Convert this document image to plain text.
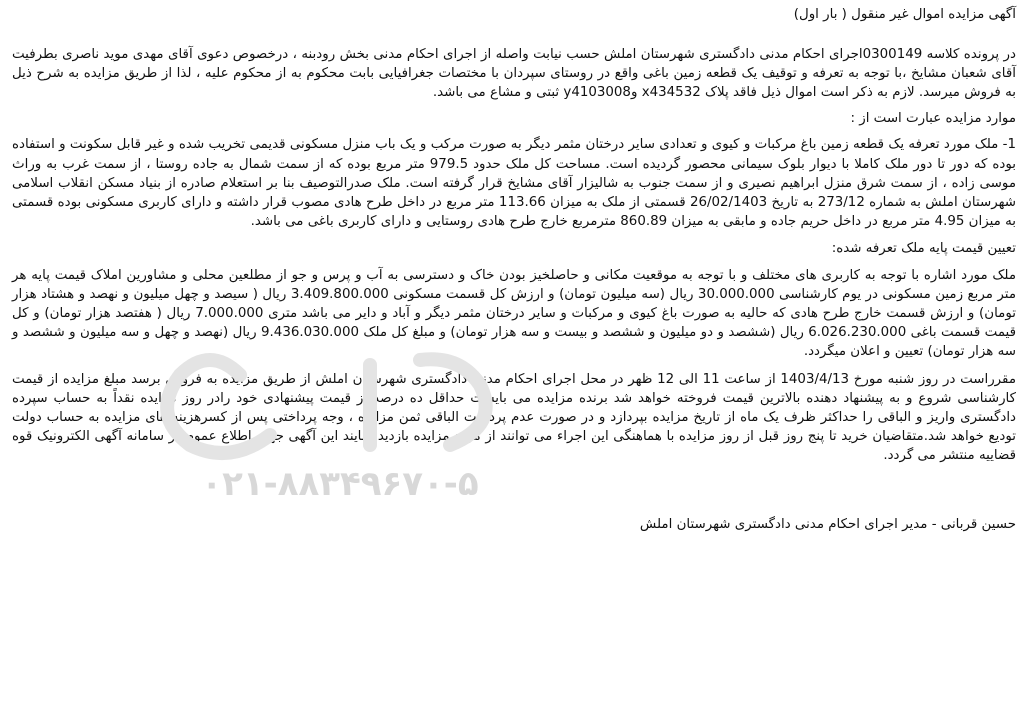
آگهی مزایده اموال غیر منقول ( بار اول)

در پرونده کلاسه 0300149اجرای احکام مدنی دادگستری شهرستان املش حسب نیابت واصله از اجرای احکام مدنی بخش رودبنه ، درخصوص دعوی آقای مهدی موید ناصری بطرفیت آقای شعبان مشایخ ،با توجه به تعرفه و توقیف یک قطعه زمین باغی واقع در روستای سپردان با مختصات جغرافیایی بابت محکوم به از محکوم علیه ، لذا از طریق مزایده به شرح ذیل به فروش میرسد. لازم به ذکر است اموال ذیل فاقد پلاک x434532 وy4103008 ثبتی و مشاع می باشد.

موارد مزایده عبارت است از :

1- ملک مورد تعرفه یک قطعه زمین باغ مرکبات و کیوی و تعدادی سایر درختان مثمر دیگر به صورت مرکب و یک باب منزل مسکونی قدیمی تخریب شده و غیر قابل سکونت و استفاده بوده که دور تا دور ملک کاملا با دیوار بلوک سیمانی محصور گردیده است. مساحت کل ملک حدود 979.5 متر مربع بوده که از سمت شمال به جاده روستا ، از سمت غرب به وراث موسی زاده ، از سمت شرق منزل ابراهیم نصیری و از سمت جنوب به شالیزار آقای مشایخ قرار گرفته است. ملک صدرالتوصیف بنا بر استعلام صادره از بنیاد مسکن انقلاب اسلامی شهرستان املش به شماره 273/12 به تاریخ 26/02/1403 قسمتی از ملک به میزان 113.66 متر مربع در داخل طرح هادی مصوب قرار داشته و دارای کاربری مسکونی بوده قسمتی به میزان 4.95 متر مربع در داخل حریم جاده و مابقی به میزان 860.89 مترمربع خارج طرح هادی روستایی و دارای کاربری باغی می باشد.

تعیین قیمت پایه ملک تعرفه شده:

ملک مورد اشاره با توجه به کاربری های مختلف و با توجه به موقعیت مکانی و حاصلخیز بودن خاک و دسترسی به آب و پرس و جو از مطلعین محلی و مشاورین املاک قیمت پایه هر متر مربع زمین مسکونی در یوم کارشناسی 30.000.000 ریال (سه میلیون تومان) و ارزش کل قسمت مسکونی 3.409.800.000 ریال ( سیصد و چهل میلیون و نهصد و هشتاد هزار تومان) و ارزش قسمت خارج طرح هادی که حالیه به صورت باغ کیوی و مرکبات و سایر درختان مثمر دیگر و آباد و دایر می باشد متری 7.000.000 ریال ( هفتصد هزار تومان) و کل قیمت قسمت باغی 6.026.230.000 ریال (ششصد و دو میلیون و ششصد و بیست و سه هزار تومان) و مبلغ کل ملک 9.436.030.000 ریال (نهصد و چهل و سه میلیون و ششصد و سه هزار تومان) تعیین و اعلان میگردد.

مقرراست در روز شنبه مورخ 1403/4/13 از ساعت 11 الی 12 ظهر در محل اجرای احکام مدنی دادگستری شهرستان املش از طریق مزایده به فروش برسد مبلغ مزایده از قیمت کارشناسی شروع و به پیشنهاد دهنده بالاترین قیمت فروخته خواهد شد برنده مزایده می بایست حداقل ده درصد از قیمت پیشنهادی خود رادر روز مزایده نقداً به حساب سپرده دادگستری واریز و الباقی را حداکثر ظرف یک ماه از تاریخ مزایده بپردازد و در صورت عدم پرداخت الباقی ثمن مزایده ، وجه پرداختی پس از کسرهزینه های مزایده به حساب دولت تودیع خواهد شد.متقاضیان خرید تا پنج روز قبل از روز مزایده با هماهنگی این اجراء می توانند از مورد مزایده بازدید نمایند این آگهی جهت اطلاع عموم در سامانه آگهی الکترونیک قوه قضاییه منتشر می گردد.

حسین قربانی - مدیر اجرای احکام مدنی دادگستری شهرستان املش

۰۲۱-۸۸۳۴۹۶۷۰-۵
